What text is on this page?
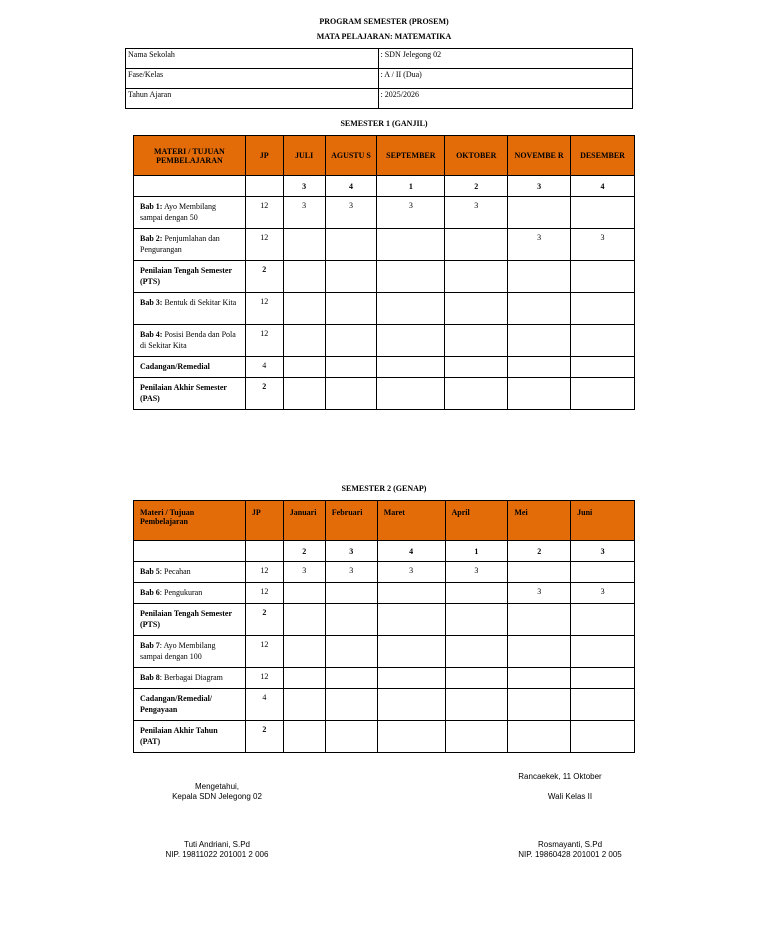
PROGRAM SEMESTER (PROSEM)
MATA PELAJARAN: MATEMATIKA
Nama Sekolah	: SDN Jelegong 02
Fase/Kelas	: A / II (Dua)
Tahun Ajaran	: 2025/2026
SEMESTER 1 (GANJIL)
MATERI / TUJUAN PEMBELAJARAN	JP	JULI	AGUSTU S	SEPTEMBER	OKTOBER	NOVEMBE R	DESEMBER
		3	4	1	2	3	4
Bab 1: Ayo Membilang sampai dengan 50	12	3	3	3	3		
Bab 2: Penjumlahan dan Pengurangan	12					3	3
Penilaian Tengah Semester (PTS)	2						
Bab 3: Bentuk di Sekitar Kita	12						
Bab 4: Posisi Benda dan Pola di Sekitar Kita	12						
Cadangan/Remedial	4						
Penilaian Akhir Semester (PAS)	2						
SEMESTER 2 (GENAP)
Materi / Tujuan Pembelajaran	JP	Januari	Februari	Maret	April	Mei	Juni
		2	3	4	1	2	3
Bab 5: Pecahan	12	3	3	3	3		
Bab 6: Pengukuran	12					3	3
Penilaian Tengah Semester (PTS)	2						
Bab 7: Ayo Membilang sampai dengan 100	12						
Bab 8: Berbagai Diagram	12						
Cadangan/Remedial/ Pengayaan	4						
Penilaian Akhir Tahun (PAT)	2						
Mengetahui,
Kepala SDN Jelegong 02
Tuti Andriani, S.Pd
NIP. 19811022 201001 2 006
Rancaekek, 11 Oktober
Wali Kelas II
Rosmayanti, S.Pd
NIP. 19860428 201001 2 005
